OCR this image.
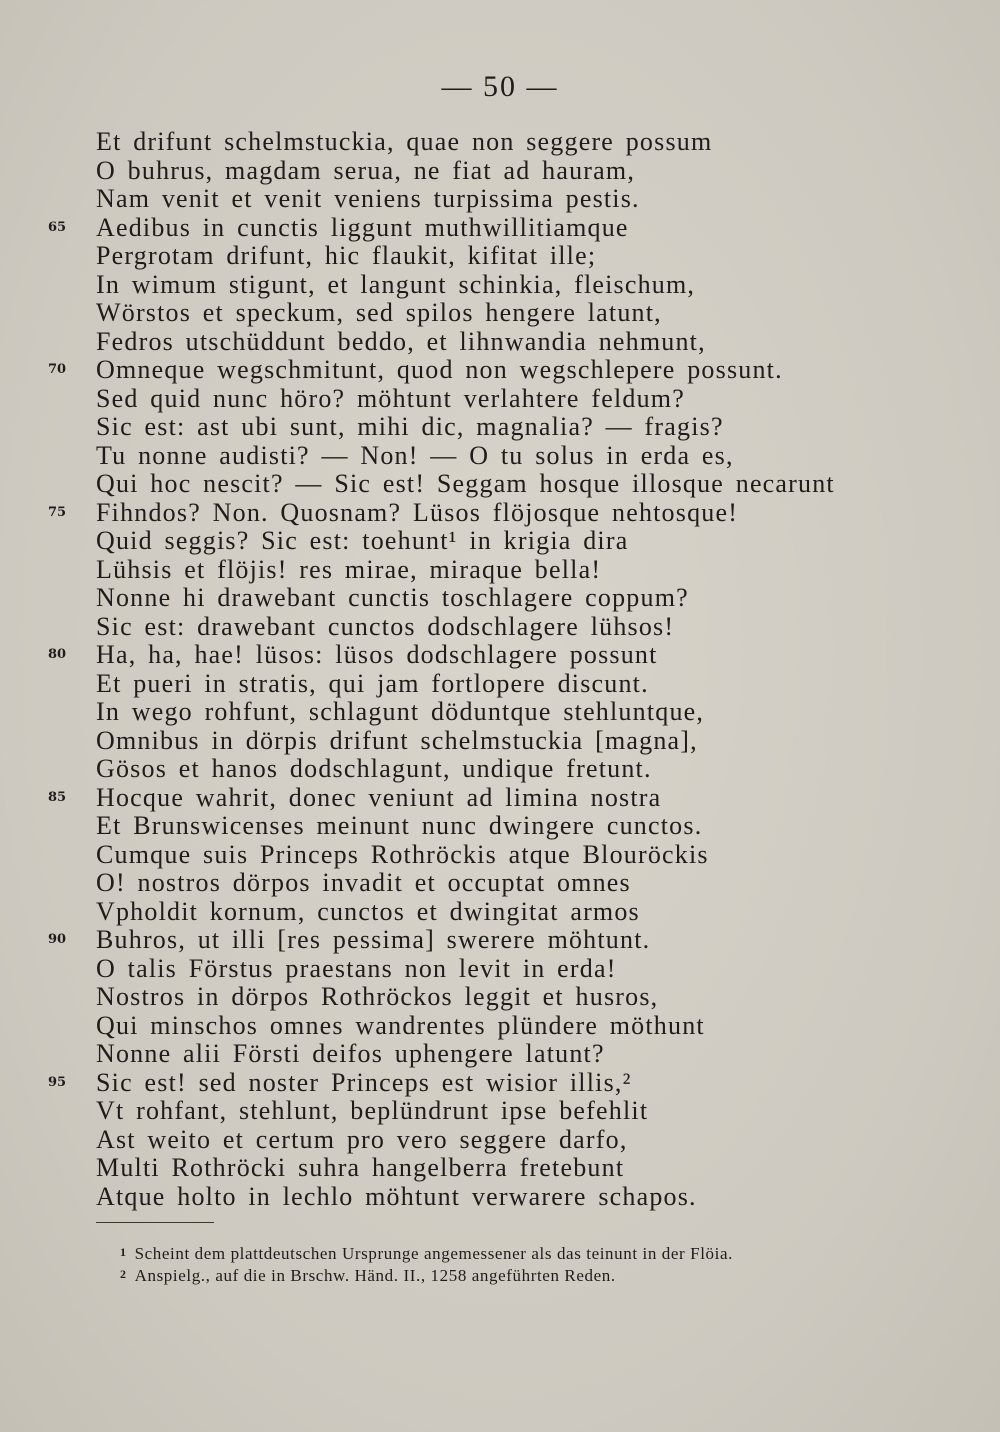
— 50 —
Et drifunt schelmstuckia, quae non seggere possum
O buhrus, magdam serua, ne fiat ad hauram,
Nam venit et venit veniens turpissima pestis.
65	Aedibus in cunctis liggunt muthwillitiamque
Pergrotam drifunt, hic flaukit, kifitat ille;
In wimum stigunt, et langunt schinkia, fleischum,
Wörstos et speckum, sed spilos hengere latunt,
Fedros utschüddunt beddo, et lihnwandia nehmunt,
70	Omneque wegschmitunt, quod non wegschlepere possunt.
Sed quid nunc höro? möhtunt verlahtere feldum?
Sic est: ast ubi sunt, mihi dic, magnalia? — fragis?
Tu nonne audisti? — Non! — O tu solus in erda es,
Qui hoc nescit? — Sic est! Seggam hosque illosque necarunt
75	Fihndos? Non. Quosnam? Lüsos flöjosque nehtosque!
Quid seggis? Sic est: toehunt¹ in krigia dira
Lühsis et flöjis! res mirae, miraque bella!
Nonne hi drawebant cunctis toschlagere coppum?
Sic est: drawebant cunctos dodschlagere lühsos!
80	Ha, ha, hae! lüsos: lüsos dodschlagere possunt
Et pueri in stratis, qui jam fortlopere discunt.
In wego rohfunt, schlagunt döduntque stehluntque,
Omnibus in dörpis drifunt schelmstuckia [magna],
Gösos et hanos dodschlagunt, undique fretunt.
85	Hocque wahrit, donec veniunt ad limina nostra
Et Brunswicenses meinunt nunc dwingere cunctos.
Cumque suis Princeps Rothröckis atque Blouröckis
O! nostros dörpos invadit et occuptat omnes
Vpholdit kornum, cunctos et dwingitat armos
90	Buhros, ut illi [res pessima] swerere möhtunt.
O talis Förstus praestans non levit in erda!
Nostros in dörpos Rothröckos leggit et husros,
Qui minschos omnes wandrentes plündere möthunt
Nonne alii Försti deifos uphengere latunt?
95	Sic est! sed noster Princeps est wisior illis,²
Vt rohfant, stehlunt, beplündrunt ipse befehlit
Ast weito et certum pro vero seggere darfo,
Multi Rothröcki suhra hangelberra fretebunt
Atque holto in lechlo möhtunt verwarere schapos.
1 Scheint dem plattdeutschen Ursprunge angemessener als das teinunt in der Flöia.
2 Anspielg., auf die in Brschw. Händ. II., 1258 angeführten Reden.
